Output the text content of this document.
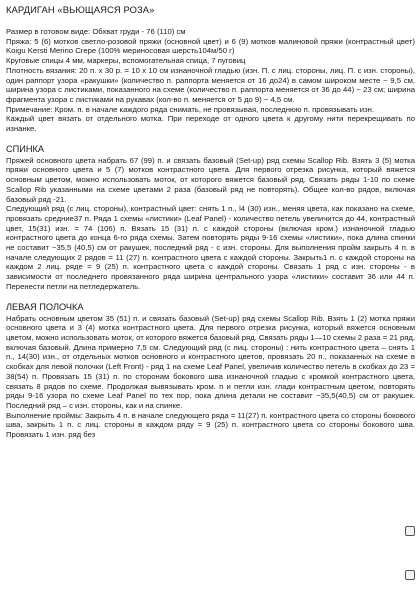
КАРДИГАН «ВЬЮЩАЯСЯ РОЗА»

Размер в готовом виде: Обхват груди - 76 (110) см

Пряжа: 5 (6) мотков светло-розовой пряжи (основной цвет) и 6 (9) мотков малиновой пряжи (контрастный цвет) Koigu Kersti Merino Crepe (100% мериносовая шерсть104м/50 г)

Круговые спицы 4 мм, маркеры, вспомогательная спица, 7 пуговиц

Плотность вязания: 20 п. х 30 р. = 10 х 10 см изнаночной гладью (изн. П. с лиц. стороны, лиц. П. с изн. стороны), один раппорт узора «ракушки» (количество п. раппорта меняется от 16 до24) в самом широком месте ~ 9,5 см, ширина узора с листиками, показанного на схеме (количество п. раппорта меняется от 36 до 44) ~ 23 см; ширина фрагмента узора с листиками на рукавах (кол-во п. меняется от 5 до 9) ~ 4,5 см.

Примечание: Кром. п. в начале каждого ряда снимать, не провязывая, последнюю п. провязывать изн.

Каждый цвет вязать от отдельного мотка. При переходе от одного цвета к другому нити перекрещивать по изнанке.

СПИНКА

Пряжей основного цвета набрать 67 (99) п. и связать базовый (Set-up) ряд схемы Scallop Rib. Взять 3 (5) мотка пряжи основного цвета и 5 (7) мотков контрастного цвета. Для первого отрезка рисунка, который вяжется основным цветом, можно использовать моток, от которого вяжется базовый ряд. Связать ряды 1-10 по схеме Scallop Rib указанными на схеме цветами 2 раза (базовый ряд не повторять). Общее кол-во рядов, включая базовый ряд -21.

Следующий ряд (с лиц. стороны), контрастный цвет: снять 1 п., l4 (30) изн., меняя цвета, как показано на схеме, провязать средние37 п. Ряда 1 схемы «листики» (Leaf Panel) - количество петель увеличится до 44, контрастный цвет, 15(31) изн. = 74 (106) п. Вязать 15 (31) п. с каждой стороны (включая кром.) изнаночной гладью контрастного цвета до конца 6-го ряда схемы. Затем повторять ряды 9-16 схемы «листики», пока длина спинки не составит ~35,5 (40,5) см от ракушек, последний ряд - с изн. стороны. Для выполнения пройм закрыть 4 п. в начале следующих 2 рядов = 11 (27) п. контрастного цвета с каждой стороны. Закрыть1 п. с каждой стороны на каждом 2 лиц. ряде = 9 (25) п. контрастного цвета с каждой стороны. Связать 1 ряд с изн. стороны - в зависимости от последнего провязанного ряда ширина центрального узора «листики» составит 36 или 44 п. Перенести петли на петледержатель.

ЛЕВАЯ ПОЛОЧКА

Набрать основным цветом 35 (51) п. и связать базовый (Set-up) ряд схемы Scallop Rib. Взять 1 (2) мотка пряжи основного цвета и 3 (4) мотка контрастного цвета. Для первого отрезка рисунка, который вяжется основным цветом, можно использовать моток, от которого вяжется базовый ряд. Связать ряды 1—10 схемы 2 раза = 21 ряд, включая базовый. Длина примерно 7,5 см. Следующий ряд (с лиц. стороны) : нить контрастного цвета – снять 1 п., 14(30) изн., от отдельных мотков основного и контрастного цветов, провязать 20 п., показанных на схеме в скобках для левой полочки (Left Front) - ряд 1 на схеме Leaf Panel, увеличив количество петель в скобках до 23 = 38(54) п. Провязать 15 (31) п. по сторонам бокового шва изнаночной гладью с кромкой контрастного цвета, связать 8 рядов по схеме. Продолжая вывязывать кром. п и петли изн. глади контрастным цветом, повторять ряды 9-16 узора по схеме Leaf Panel по тех пор, пока длина детали не составит ~35,5(40,5) см от ракушек. Последний ряд – с изн. стороны, как и на спинке.

Выполнение проймы: Закрыть 4 п. в начале следующего ряда = 11(27) п. контрастного цвета со стороны бокового шва, закрыть 1 п. с лиц. стороны в каждом ряду = 9 (25) п. контрастного цвета со стороны бокового шва. Провязать 1 изн. ряд без
